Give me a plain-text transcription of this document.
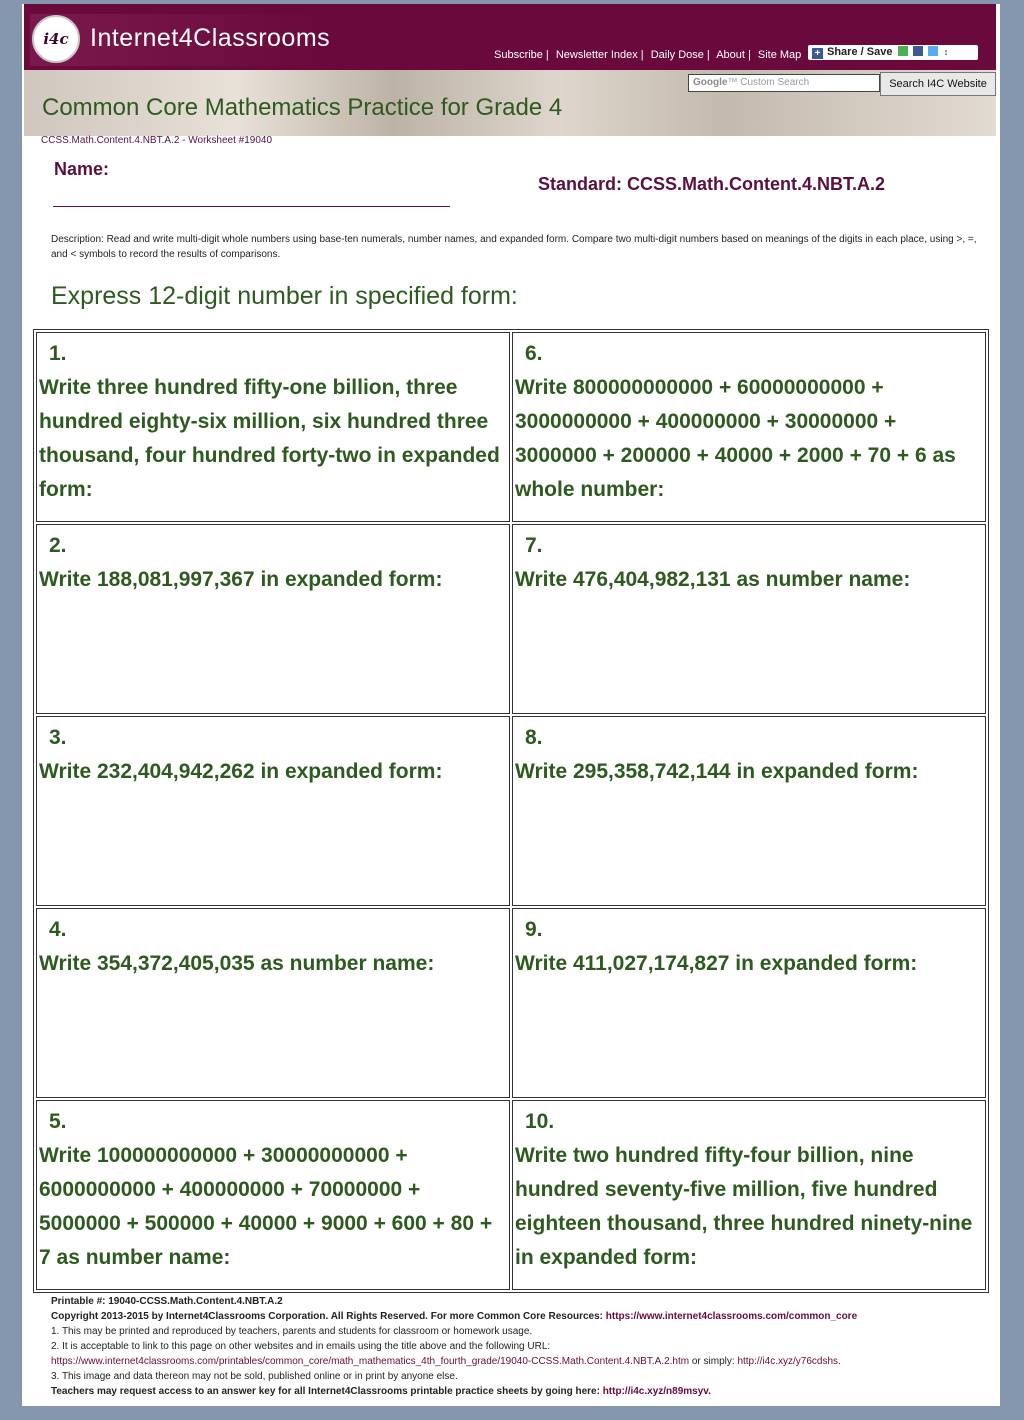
i4c Internet4Classrooms
Subscribe | Newsletter Index | Daily Dose | About | Site Map	+ Share / Save	↕
Google™ Custom Search	Search I4C Website
Common Core Mathematics Practice for Grade 4
CCSS.Math.Content.4.NBT.A.2 - Worksheet #19040
Name:
Standard: CCSS.Math.Content.4.NBT.A.2
Description: Read and write multi-digit whole numbers using base-ten numerals, number names, and expanded form. Compare two multi-digit numbers based on meanings of the digits in each place, using >, =, and < symbols to record the results of comparisons.
Express 12-digit number in specified form:
1.
Write three hundred fifty-one billion, three hundred eighty-six million, six hundred three thousand, four hundred forty-two in expanded form:
6.
Write 800000000000 + 60000000000 + 3000000000 + 400000000 + 30000000 + 3000000 + 200000 + 40000 + 2000 + 70 + 6 as whole number:
2.
Write 188,081,997,367 in expanded form:
7.
Write 476,404,982,131 as number name:
3.
Write 232,404,942,262 in expanded form:
8.
Write 295,358,742,144 in expanded form:
4.
Write 354,372,405,035 as number name:
9.
Write 411,027,174,827 in expanded form:
5.
Write 100000000000 + 30000000000 + 6000000000 + 400000000 + 70000000 + 5000000 + 500000 + 40000 + 9000 + 600 + 80 + 7 as number name:
10.
Write two hundred fifty-four billion, nine hundred seventy-five million, five hundred eighteen thousand, three hundred ninety-nine in expanded form:
Printable #: 19040-CCSS.Math.Content.4.NBT.A.2
Copyright 2013-2015 by Internet4Classrooms Corporation. All Rights Reserved. For more Common Core Resources: https://www.internet4classrooms.com/common_core
1. This may be printed and reproduced by teachers, parents and students for classroom or homework usage.
2. It is acceptable to link to this page on other websites and in emails using the title above and the following URL:
https://www.internet4classrooms.com/printables/common_core/math_mathematics_4th_fourth_grade/19040-CCSS.Math.Content.4.NBT.A.2.htm or simply: http://i4c.xyz/y76cdshs.
3. This image and data thereon may not be sold, published online or in print by anyone else.
Teachers may request access to an answer key for all Internet4Classrooms printable practice sheets by going here: http://i4c.xyz/n89msyv.
